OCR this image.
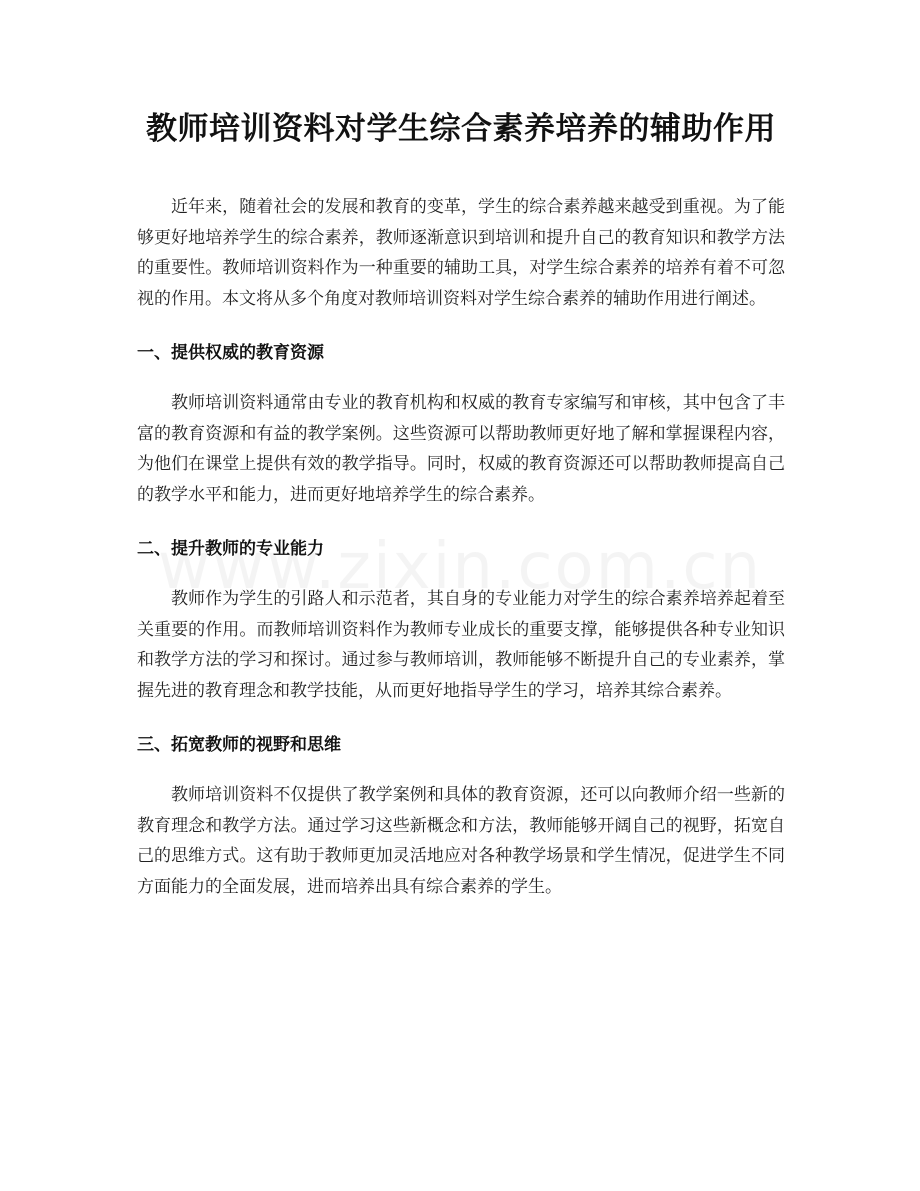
教师培训资料对学生综合素养培养的辅助作用

近年来，随着社会的发展和教育的变革，学生的综合素养越来越受到重视。为了能够更好地培养学生的综合素养，教师逐渐意识到培训和提升自己的教育知识和教学方法的重要性。教师培训资料作为一种重要的辅助工具，对学生综合素养的培养有着不可忽视的作用。本文将从多个角度对教师培训资料对学生综合素养的辅助作用进行阐述。

一、提供权威的教育资源

教师培训资料通常由专业的教育机构和权威的教育专家编写和审核，其中包含了丰富的教育资源和有益的教学案例。这些资源可以帮助教师更好地了解和掌握课程内容，为他们在课堂上提供有效的教学指导。同时，权威的教育资源还可以帮助教师提高自己的教学水平和能力，进而更好地培养学生的综合素养。

二、提升教师的专业能力

教师作为学生的引路人和示范者，其自身的专业能力对学生的综合素养培养起着至关重要的作用。而教师培训资料作为教师专业成长的重要支撑，能够提供各种专业知识和教学方法的学习和探讨。通过参与教师培训，教师能够不断提升自己的专业素养，掌握先进的教育理念和教学技能，从而更好地指导学生的学习，培养其综合素养。

三、拓宽教师的视野和思维

教师培训资料不仅提供了教学案例和具体的教育资源，还可以向教师介绍一些新的教育理念和教学方法。通过学习这些新概念和方法，教师能够开阔自己的视野，拓宽自己的思维方式。这有助于教师更加灵活地应对各种教学场景和学生情况，促进学生不同方面能力的全面发展，进而培养出具有综合素养的学生。
